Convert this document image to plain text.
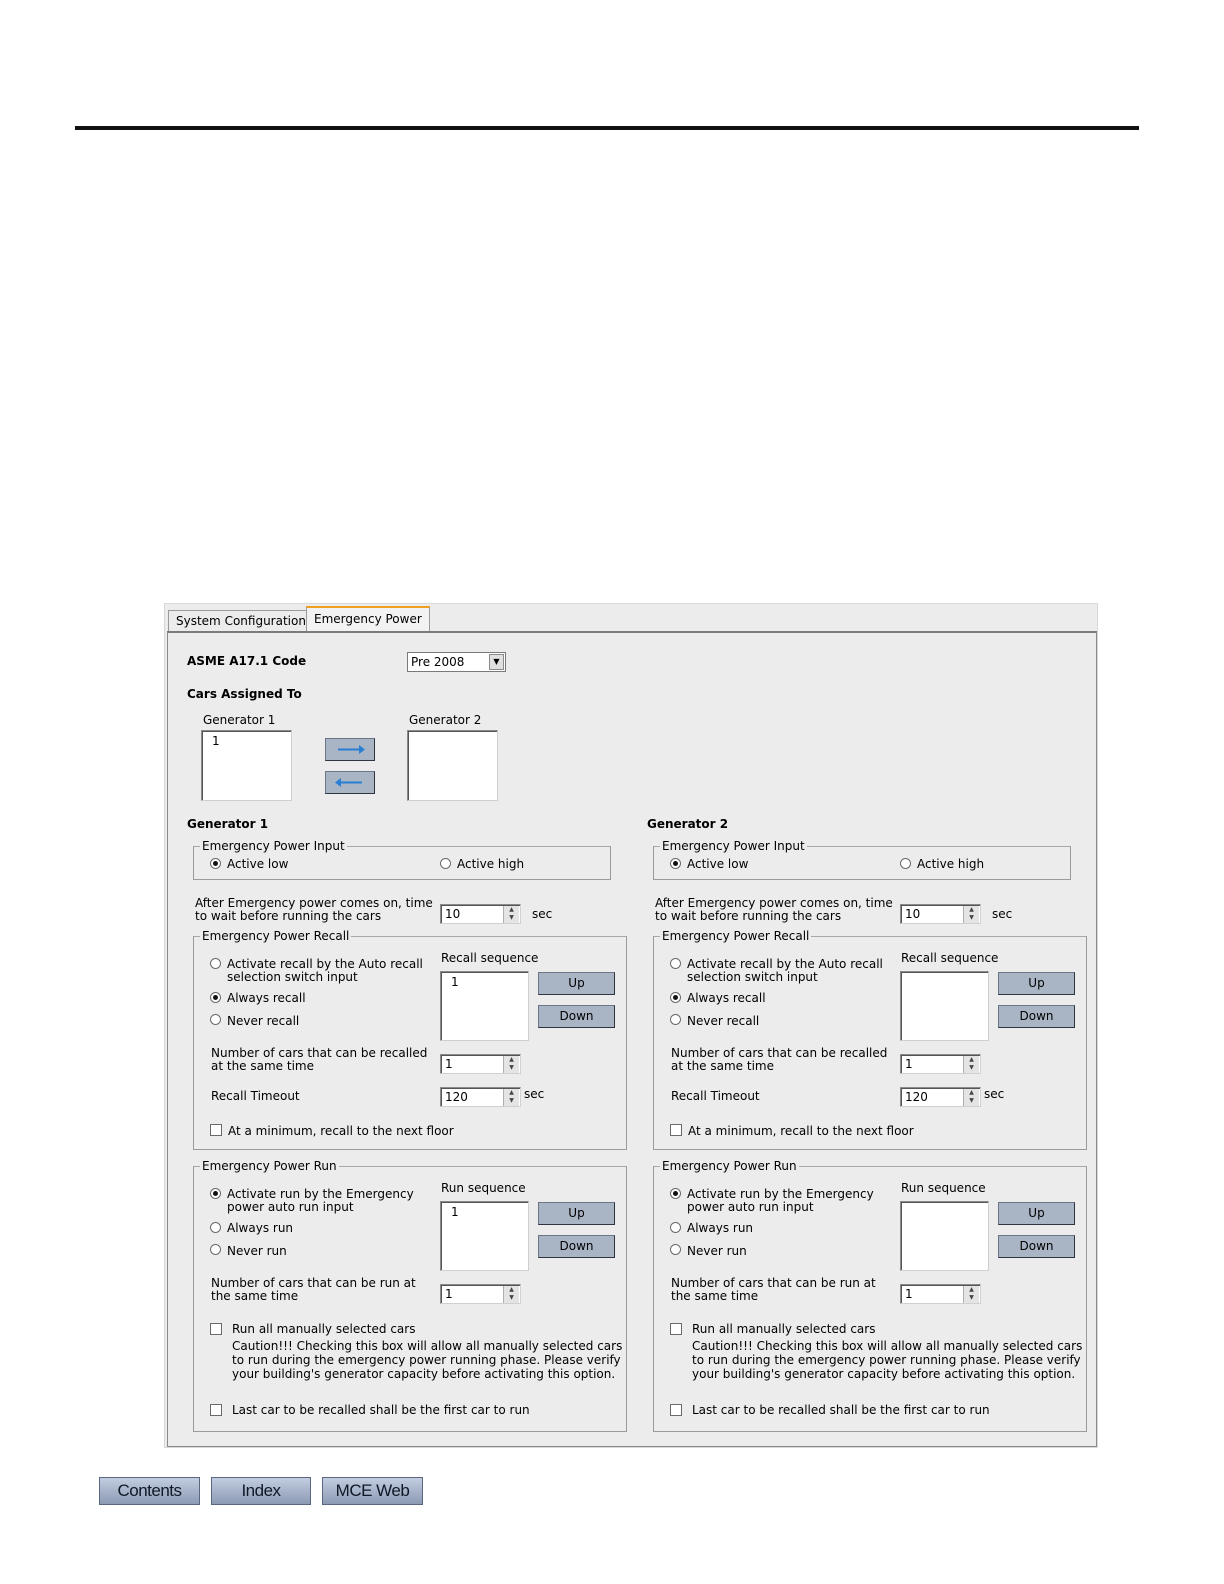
System Configuration Emergency Power
ASME A17.1 Code	Pre 2008	▼
Cars Assigned To
Generator 1	Generator 2
1
Generator 1
Emergency Power Input
Active low	Active high
After Emergency power comes on, time
to wait before running the cars	10	▲
▼	sec
Emergency Power Recall
Activate recall by the Auto recall
selection switch input
Always recall
Never recall
Recall sequence
1	Up
Down
Number of cars that can be recalled
at the same time	1	▲
▼
Recall Timeout	120	▲
▼ sec
At a minimum, recall to the next floor
Emergency Power Run
Activate run by the Emergency
power auto run input
Always run
Never run
Run sequence
1	Up
Down
Number of cars that can be run at
the same time	1	▲
▼
Run all manually selected cars
Caution!!! Checking this box will allow all manually selected cars
to run during the emergency power running phase. Please verify
your building's generator capacity before activating this option.
Last car to be recalled shall be the first car to run
Generator 2
Emergency Power Input
Active low	Active high
After Emergency power comes on, time
to wait before running the cars	10	▲
▼	sec
Emergency Power Recall
Activate recall by the Auto recall
selection switch input
Always recall
Never recall
Recall sequence
Up
Down
Number of cars that can be recalled
at the same time	1	▲
▼
Recall Timeout	120	▲
▼ sec
At a minimum, recall to the next floor
Emergency Power Run
Activate run by the Emergency
power auto run input
Always run
Never run
Run sequence
Up
Down
Number of cars that can be run at
the same time	1	▲
▼
Run all manually selected cars
Caution!!! Checking this box will allow all manually selected cars
to run during the emergency power running phase. Please verify
your building's generator capacity before activating this option.
Last car to be recalled shall be the first car to run
Contents	Index	MCE Web
